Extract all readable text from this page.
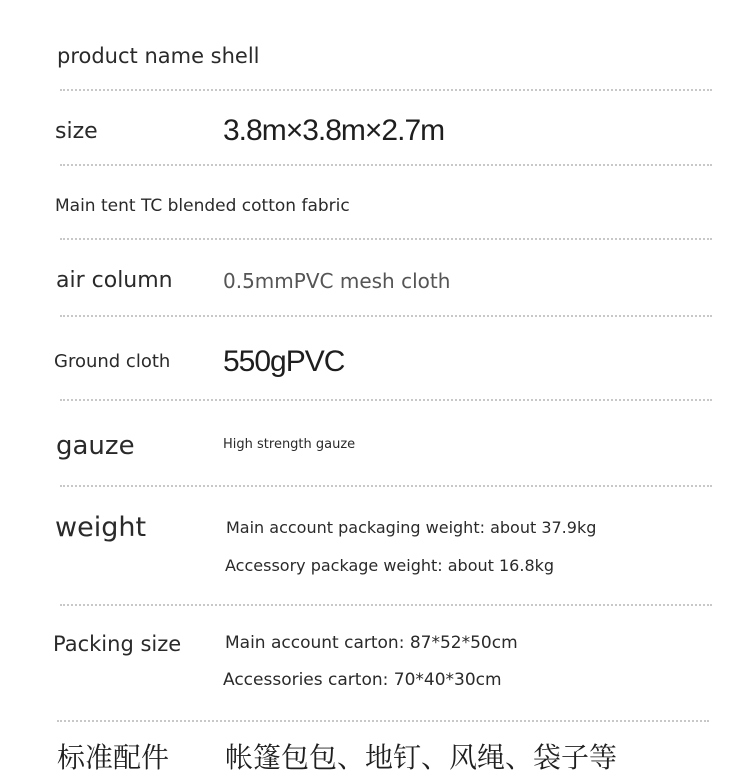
product name shell
size	3.8m×3.8m×2.7m
Main tent TC blended cotton fabric
air column	0.5mmPVC mesh cloth
Ground cloth 550gPVC
gauze	High strength gauze
weight	Main account packaging weight: about 37.9kg
Accessory package weight: about 16.8kg
Packing size	Main account carton: 87*52*50cm
Accessories carton: 70*40*30cm
标准配件 帐篷包包、地钉、风绳、袋子等
